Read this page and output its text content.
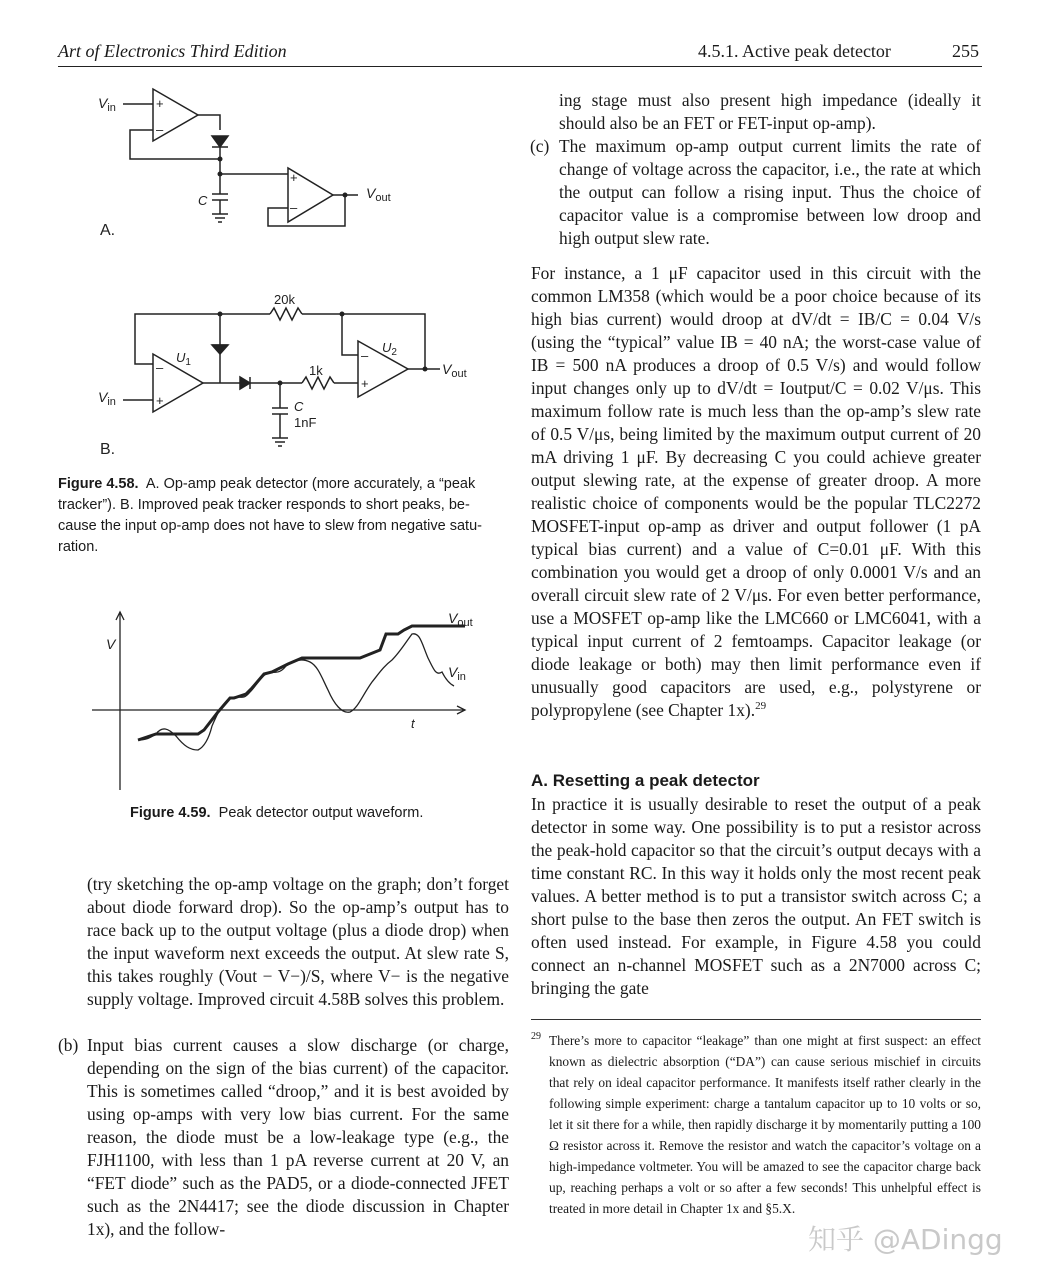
Art of Electronics Third Edition	4.5.1. Active peak detector	255
+
–
+
–
$V_{in}$
$V_{out}$
C
A.
–
+
–
+
20k
1k
$U_1$
$U_2$
$V_{in}$
$V_{out}$
C
1nF
B.
Figure 4.58. A. Op-amp peak detector (more accurately, a “peak
tracker”). B. Improved peak tracker responds to short peaks, be-
cause the input op-amp does not have to slew from negative satu-
ration.
V
t
$V_{out}$
$V_{in}$
Figure 4.59. Peak detector output waveform.
(try sketching the op-amp voltage on the graph; don’t forget about diode forward drop). So the op-amp’s output has to race back up to the output voltage (plus a diode drop) when the input waveform next exceeds the output. At slew rate S, this takes roughly (Vout − V−)/S, where V− is the negative supply voltage. Improved circuit 4.58B solves this problem.
(b) Input bias current causes a slow discharge (or charge, depending on the sign of the bias current) of the capacitor. This is sometimes called “droop,” and it is best avoided by using op-amps with very low bias current. For the same reason, the diode must be a low-leakage type (e.g., the FJH1100, with less than 1 pA reverse current at 20 V, an “FET diode” such as the PAD5, or a diode-connected JFET such as the 2N4417; see the diode discussion in Chapter 1x), and the follow-
ing stage must also present high impedance (ideally it should also be an FET or FET-input op-amp).
(c) The maximum op-amp output current limits the rate of change of voltage across the capacitor, i.e., the rate at which the output can follow a rising input. Thus the choice of capacitor value is a compromise between low droop and high output slew rate.
For instance, a 1 μF capacitor used in this circuit with the common LM358 (which would be a poor choice because of its high bias current) would droop at dV/dt = IB/C = 0.04 V/s (using the “typical” value IB = 40 nA; the worst-case value of IB = 500 nA produces a droop of 0.5 V/s) and would follow input changes only up to dV/dt = Ioutput/C = 0.02 V/μs. This maximum follow rate is much less than the op-amp’s slew rate of 0.5 V/μs, being limited by the maximum output current of 20 mA driving 1 μF. By decreasing C you could achieve greater output slewing rate, at the expense of greater droop. A more realistic choice of components would be the popular TLC2272 MOSFET-input op-amp as driver and output follower (1 pA typical bias current) and a value of C=0.01 μF. With this combination you would get a droop of only 0.0001 V/s and an overall circuit slew rate of 2 V/μs. For even better performance, use a MOSFET op-amp like the LMC660 or LMC6041, with a typical input current of 2 femtoamps. Capacitor leakage (or diode leakage or both) may then limit performance even if unusually good capacitors are used, e.g., polystyrene or polypropylene (see Chapter 1x).$^{29}$
A. Resetting a peak detector
In practice it is usually desirable to reset the output of a peak detector in some way. One possibility is to put a resistor across the peak-hold capacitor so that the circuit’s output decays with a time constant RC. In this way it holds only the most recent peak values. A better method is to put a transistor switch across C; a short pulse to the base then zeros the output. An FET switch is often used instead. For example, in Figure 4.58 you could connect an n-channel MOSFET such as a 2N7000 across C; bringing the gate
29 There’s more to capacitor “leakage” than one might at first suspect: an effect known as dielectric absorption (“DA”) can cause serious mischief in circuits that rely on ideal capacitor performance. It manifests itself rather clearly in the following simple experiment: charge a tantalum capacitor up to 10 volts or so, let it sit there for a while, then rapidly discharge it by momentarily putting a 100 Ω resistor across it. Remove the resistor and watch the capacitor’s voltage on a high-impedance voltmeter. You will be amazed to see the capacitor charge back up, reaching perhaps a volt or so after a few seconds! This unhelpful effect is treated in more detail in Chapter 1x and §5.X.
知乎 @ADingg
